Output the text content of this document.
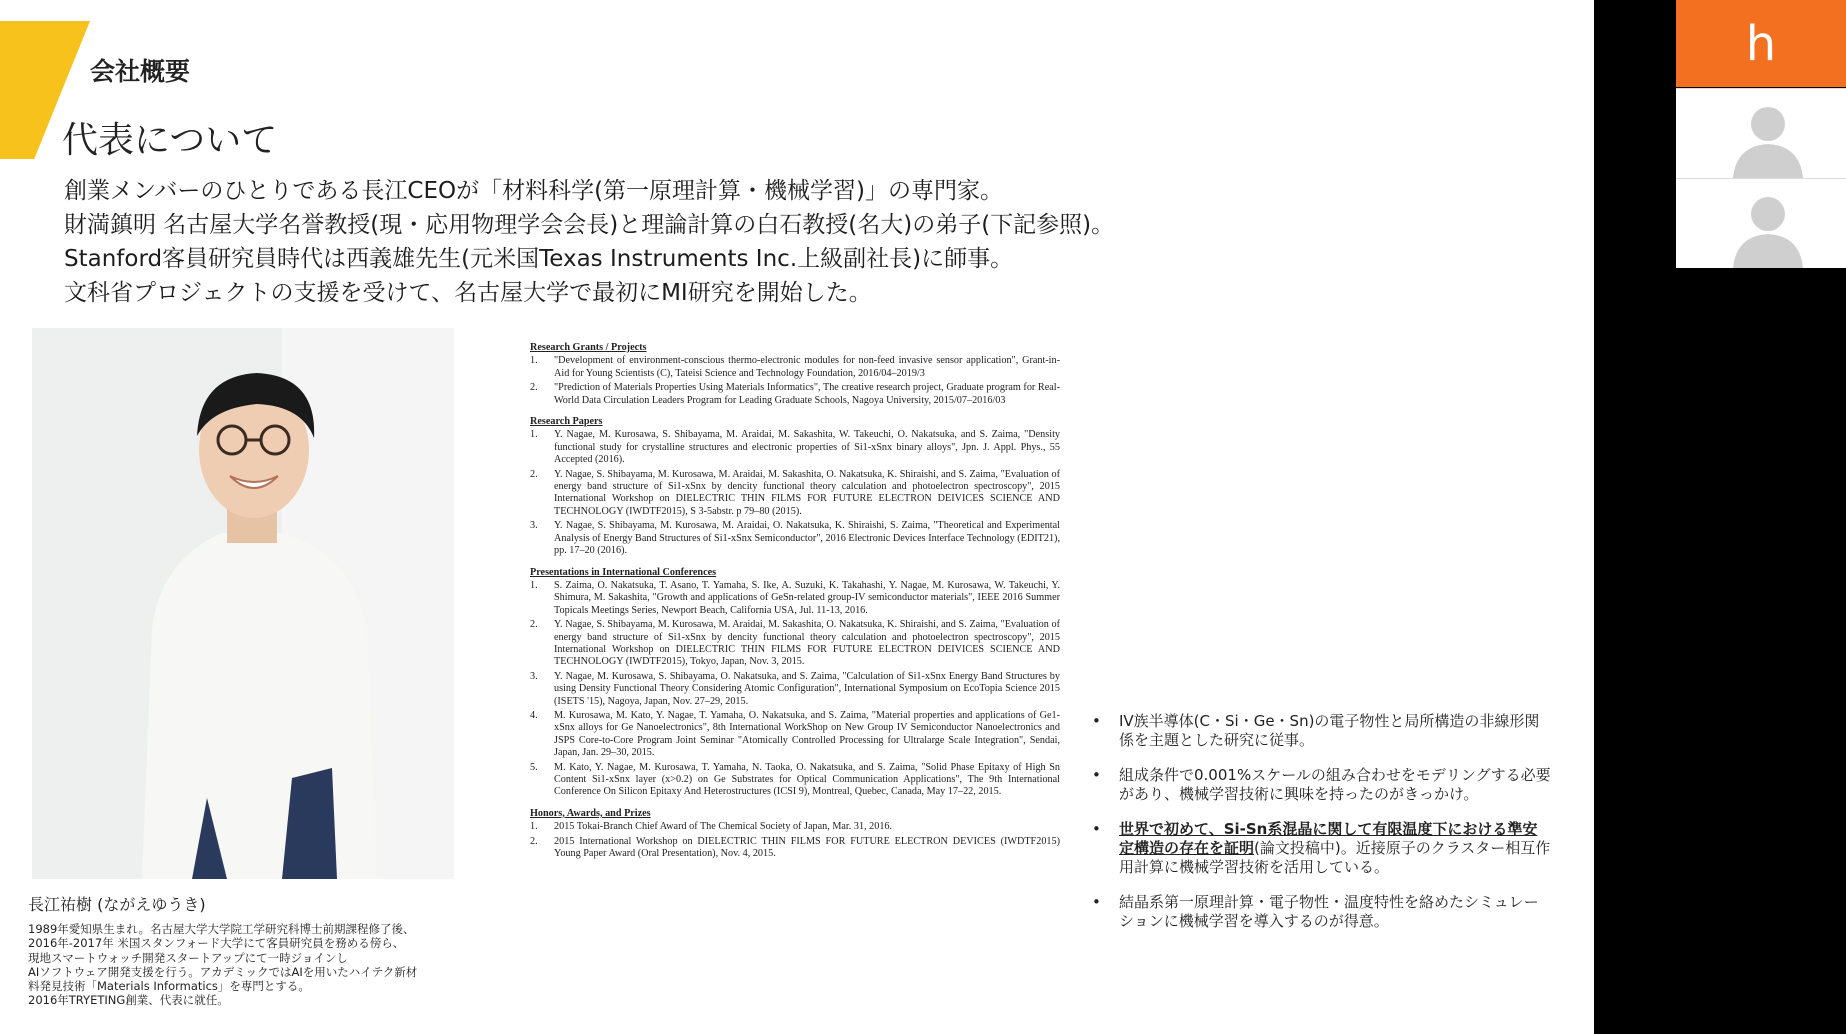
会社概要
代表について
創業メンバーのひとりである長江CEOが「材料科学(第一原理計算・機械学習)」の専門家。
財満鎮明 名古屋大学名誉教授(現・応用物理学会会長)と理論計算の白石教授(名大)の弟子(下記参照)。
Stanford客員研究員時代は西義雄先生(元米国Texas Instruments Inc.上級副社長)に師事。
文科省プロジェクトの支援を受けて、名古屋大学で最初にMI研究を開始した。
長江祐樹 (ながえゆうき)
1989年愛知県生まれ。名古屋大学大学院工学研究科博士前期課程修了後、
2016年-2017年 米国スタンフォード大学にて客員研究員を務める傍ら、
現地スマートウォッチ開発スタートアップにて一時ジョインし
AIソフトウェア開発支援を行う。アカデミックではAIを用いたハイテク新材
料発見技術「Materials Informatics」を専門とする。
2016年TRYETING創業、代表に就任。
Research Grants / Projects
1.	"Development of environment-conscious thermo-electronic modules for non-feed invasive sensor application", Grant-in-Aid for Young Scientists (C), Tateisi Science and Technology Foundation, 2016/04–2019/3
2.	"Prediction of Materials Properties Using Materials Informatics", The creative research project, Graduate program for Real-World Data Circulation Leaders Program for Leading Graduate Schools, Nagoya University, 2015/07–2016/03
Research Papers
1.	Y. Nagae, M. Kurosawa, S. Shibayama, M. Araidai, M. Sakashita, W. Takeuchi, O. Nakatsuka, and S. Zaima, "Density functional study for crystalline structures and electronic properties of Si1-xSnx binary alloys", Jpn. J. Appl. Phys., 55 Accepted (2016).
2.	Y. Nagae, S. Shibayama, M. Kurosawa, M. Araidai, M. Sakashita, O. Nakatsuka, K. Shiraishi, and S. Zaima, "Evaluation of energy band structure of Si1-xSnx by dencity functional theory calculation and photoelectron spectroscopy", 2015 International Workshop on DIELECTRIC THIN FILMS FOR FUTURE ELECTRON DEIVICES SCIENCE AND TECHNOLOGY (IWDTF2015), S 3-5abstr. p 79–80 (2015).
3.	Y. Nagae, S. Shibayama, M. Kurosawa, M. Araidai, O. Nakatsuka, K. Shiraishi, S. Zaima, "Theoretical and Experimental Analysis of Energy Band Structures of Si1-xSnx Semiconductor", 2016 Electronic Devices Interface Technology (EDIT21), pp. 17–20 (2016).
Presentations in International Conferences
1.	S. Zaima, O. Nakatsuka, T. Asano, T. Yamaha, S. Ike, A. Suzuki, K. Takahashi, Y. Nagae, M. Kurosawa, W. Takeuchi, Y. Shimura, M. Sakashita, "Growth and applications of GeSn-related group-IV semiconductor materials", IEEE 2016 Summer Topicals Meetings Series, Newport Beach, California USA, Jul. 11-13, 2016.
2.	Y. Nagae, S. Shibayama, M. Kurosawa, M. Araidai, M. Sakashita, O. Nakatsuka, K. Shiraishi, and S. Zaima, "Evaluation of energy band structure of Si1-xSnx by dencity functional theory calculation and photoelectron spectroscopy", 2015 International Workshop on DIELECTRIC THIN FILMS FOR FUTURE ELECTRON DEIVICES SCIENCE AND TECHNOLOGY (IWDTF2015), Tokyo, Japan, Nov. 3, 2015.
3.	Y. Nagae, M. Kurosawa, S. Shibayama, O. Nakatsuka, and S. Zaima, "Calculation of Si1-xSnx Energy Band Structures by using Density Functional Theory Considering Atomic Configuration", International Symposium on EcoTopia Science 2015 (ISETS '15), Nagoya, Japan, Nov. 27–29, 2015.
4.	M. Kurosawa, M. Kato, Y. Nagae, T. Yamaha, O. Nakatsuka, and S. Zaima, "Material properties and applications of Ge1-xSnx alloys for Ge Nanoelectronics", 8th International WorkShop on New Group IV Semiconductor Nanoelectronics and JSPS Core-to-Core Program Joint Seminar "Atomically Controlled Processing for Ultralarge Scale Integration", Sendai, Japan, Jan. 29–30, 2015.
5.	M. Kato, Y. Nagae, M. Kurosawa, T. Yamaha, N. Taoka, O. Nakatsuka, and S. Zaima, "Solid Phase Epitaxy of High Sn Content Si1-xSnx layer (x>0.2) on Ge Substrates for Optical Communication Applications", The 9th International Conference On Silicon Epitaxy And Heterostructures (ICSI 9), Montreal, Quebec, Canada, May 17–22, 2015.
Honors, Awards, and Prizes
1.	2015 Tokai-Branch Chief Award of The Chemical Society of Japan, Mar. 31, 2016.
2.	2015 International Workshop on DIELECTRIC THIN FILMS FOR FUTURE ELECTRON DEVICES (IWDTF2015) Young Paper Award (Oral Presentation), Nov. 4, 2015.
•	IV族半導体(C・Si・Ge・Sn)の電子物性と局所構造の非線形関係を主題とした研究に従事。
•	組成条件で0.001%スケールの組み合わせをモデリングする必要があり、機械学習技術に興味を持ったのがきっかけ。
•	世界で初めて、Si-Sn系混晶に関して有限温度下における準安定構造の存在を証明(論文投稿中)。近接原子のクラスター相互作用計算に機械学習技術を活用している。
•	結晶系第一原理計算・電子物性・温度特性を絡めたシミュレーションに機械学習を導入するのが得意。
h
